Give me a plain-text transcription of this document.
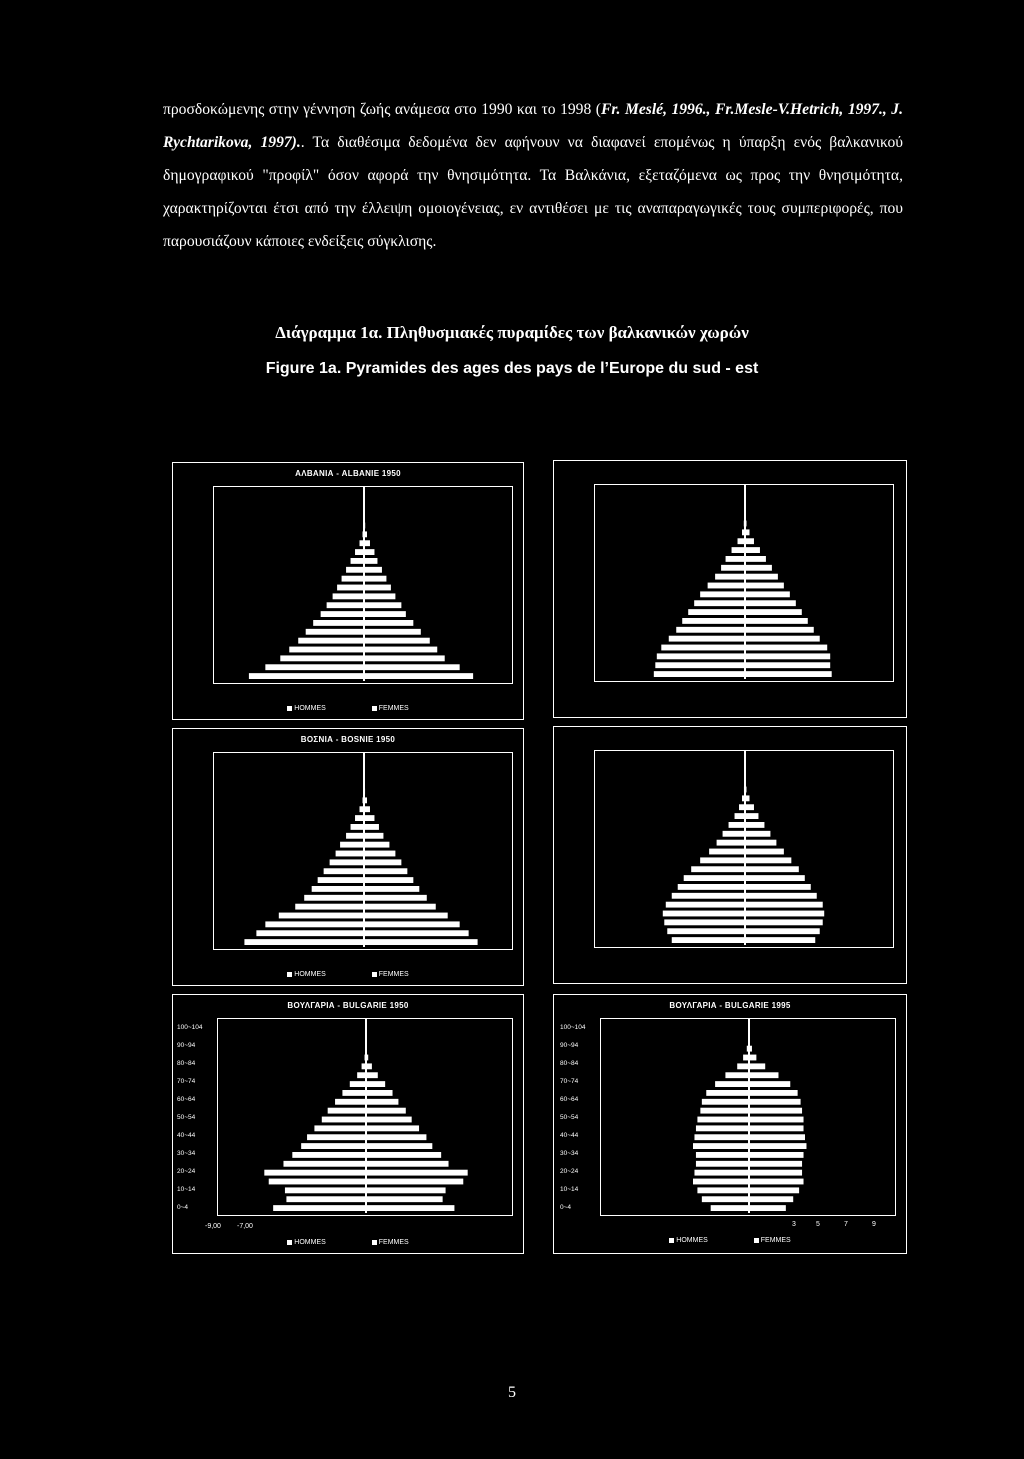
προσδοκώμενης στην γέννηση ζωής ανάμεσα στο 1990 και το 1998 (Fr. Meslé, 1996., Fr.Mesle-V.Hetrich, 1997., J. Rychtarikova, 1997).. Τα διαθέσιμα δεδομένα δεν αφήνουν να διαφανεί επομένως η ύπαρξη ενός βαλκανικού δημογραφικού "προφίλ" όσον αφορά την θνησιμότητα. Τα Βαλκάνια, εξεταζόμενα ως προς την θνησιμότητα, χαρακτηρίζονται έτσι από την έλλειψη ομοιογένειας, εν αντιθέσει με τις αναπαραγωγικές τους συμπεριφορές, που παρουσιάζουν κάποιες ενδείξεις σύγκλισης.
Διάγραμμα 1α. Πληθυσμιακές πυραμίδες των βαλκανικών χωρών
Figure 1a. Pyramides des ages des pays de l’Europe du sud - est
ΑΛΒΑΝΙΑ - ALBANIE 1950
HOMMES	FEMMES
ΒΟΣΝΙΑ - BOSNIE 1950
HOMMES	FEMMES
ΒΟΥΛΓΑΡΙΑ - BULGARIE 1950
100~104
90~94
80~84
70~74
60~64
50~54
40~44
30~34
20~24
10~14
0~4
-9,00 -7,00
HOMMES	FEMMES
ΒΟΥΛΓΑΡΙΑ - BULGARIE 1995
100~104
90~94
80~84
70~74
60~64
50~54
40~44
30~34
20~24
10~14
0~4
3	5	7	9
HOMMES	FEMMES
5
